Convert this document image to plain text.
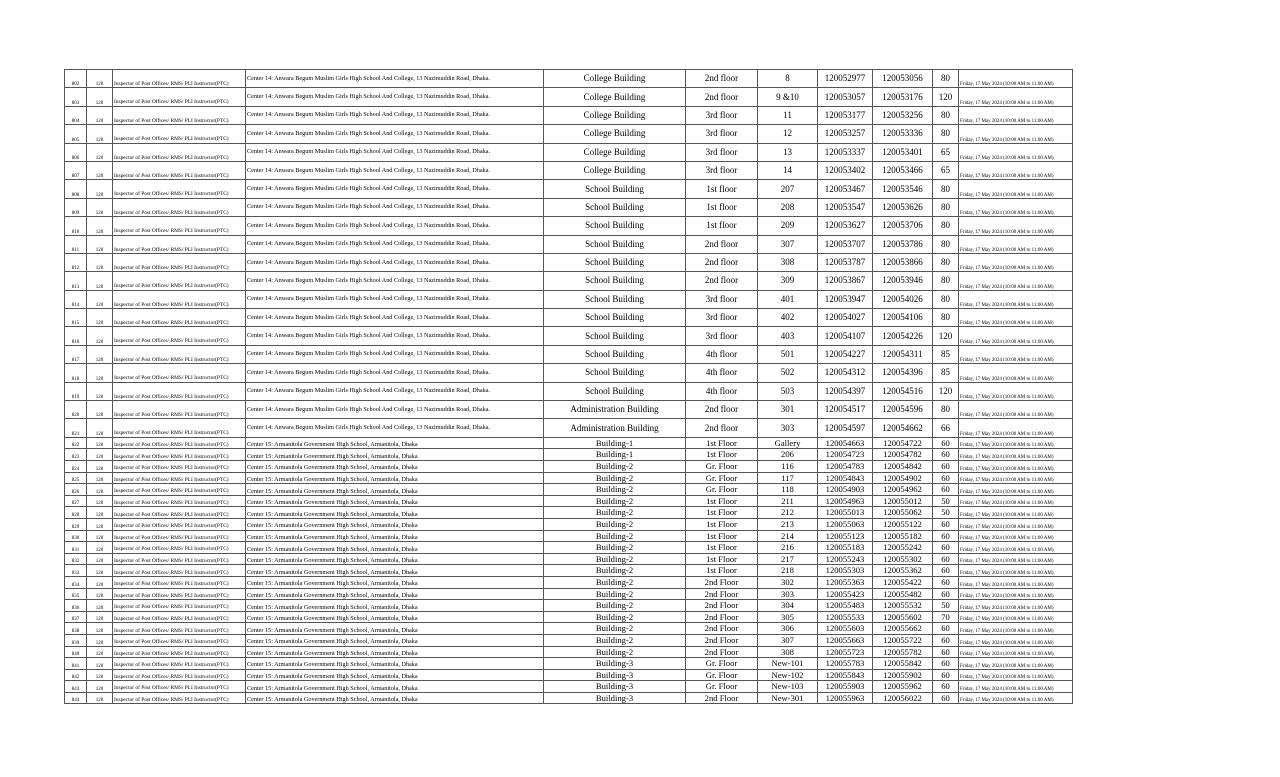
802	120	Inspector of Post Offices/ RMS/ PLI Instructor(PTC)	Center 14: Anwara Begum Muslim Girls High School And College, 13 Nazimuddin Road, Dhaka.	College Building	2nd floor	8	120052977	120053056	80	Friday, 17 May 2024 (10:00 AM to 11:00 AM)
803	120	Inspector of Post Offices/ RMS/ PLI Instructor(PTC)	Center 14: Anwara Begum Muslim Girls High School And College, 13 Nazimuddin Road, Dhaka.	College Building	2nd floor	9 &10	120053057	120053176	120	Friday, 17 May 2024 (10:00 AM to 11:00 AM)
804	120	Inspector of Post Offices/ RMS/ PLI Instructor(PTC)	Center 14: Anwara Begum Muslim Girls High School And College, 13 Nazimuddin Road, Dhaka.	College Building	3rd floor	11	120053177	120053256	80	Friday, 17 May 2024 (10:00 AM to 11:00 AM)
805	120	Inspector of Post Offices/ RMS/ PLI Instructor(PTC)	Center 14: Anwara Begum Muslim Girls High School And College, 13 Nazimuddin Road, Dhaka.	College Building	3rd floor	12	120053257	120053336	80	Friday, 17 May 2024 (10:00 AM to 11:00 AM)
806	120	Inspector of Post Offices/ RMS/ PLI Instructor(PTC)	Center 14: Anwara Begum Muslim Girls High School And College, 13 Nazimuddin Road, Dhaka.	College Building	3rd floor	13	120053337	120053401	65	Friday, 17 May 2024 (10:00 AM to 11:00 AM)
807	120	Inspector of Post Offices/ RMS/ PLI Instructor(PTC)	Center 14: Anwara Begum Muslim Girls High School And College, 13 Nazimuddin Road, Dhaka.	College Building	3rd floor	14	120053402	120053466	65	Friday, 17 May 2024 (10:00 AM to 11:00 AM)
808	120	Inspector of Post Offices/ RMS/ PLI Instructor(PTC)	Center 14: Anwara Begum Muslim Girls High School And College, 13 Nazimuddin Road, Dhaka.	School Building	1st floor	207	120053467	120053546	80	Friday, 17 May 2024 (10:00 AM to 11:00 AM)
809	120	Inspector of Post Offices/ RMS/ PLI Instructor(PTC)	Center 14: Anwara Begum Muslim Girls High School And College, 13 Nazimuddin Road, Dhaka.	School Building	1st floor	208	120053547	120053626	80	Friday, 17 May 2024 (10:00 AM to 11:00 AM)
810	120	Inspector of Post Offices/ RMS/ PLI Instructor(PTC)	Center 14: Anwara Begum Muslim Girls High School And College, 13 Nazimuddin Road, Dhaka.	School Building	1st floor	209	120053627	120053706	80	Friday, 17 May 2024 (10:00 AM to 11:00 AM)
811	120	Inspector of Post Offices/ RMS/ PLI Instructor(PTC)	Center 14: Anwara Begum Muslim Girls High School And College, 13 Nazimuddin Road, Dhaka.	School Building	2nd floor	307	120053707	120053786	80	Friday, 17 May 2024 (10:00 AM to 11:00 AM)
812	120	Inspector of Post Offices/ RMS/ PLI Instructor(PTC)	Center 14: Anwara Begum Muslim Girls High School And College, 13 Nazimuddin Road, Dhaka.	School Building	2nd floor	308	120053787	120053866	80	Friday, 17 May 2024 (10:00 AM to 11:00 AM)
813	120	Inspector of Post Offices/ RMS/ PLI Instructor(PTC)	Center 14: Anwara Begum Muslim Girls High School And College, 13 Nazimuddin Road, Dhaka.	School Building	2nd floor	309	120053867	120053946	80	Friday, 17 May 2024 (10:00 AM to 11:00 AM)
814	120	Inspector of Post Offices/ RMS/ PLI Instructor(PTC)	Center 14: Anwara Begum Muslim Girls High School And College, 13 Nazimuddin Road, Dhaka.	School Building	3rd floor	401	120053947	120054026	80	Friday, 17 May 2024 (10:00 AM to 11:00 AM)
815	120	Inspector of Post Offices/ RMS/ PLI Instructor(PTC)	Center 14: Anwara Begum Muslim Girls High School And College, 13 Nazimuddin Road, Dhaka.	School Building	3rd floor	402	120054027	120054106	80	Friday, 17 May 2024 (10:00 AM to 11:00 AM)
816	120	Inspector of Post Offices/ RMS/ PLI Instructor(PTC)	Center 14: Anwara Begum Muslim Girls High School And College, 13 Nazimuddin Road, Dhaka.	School Building	3rd floor	403	120054107	120054226	120	Friday, 17 May 2024 (10:00 AM to 11:00 AM)
817	120	Inspector of Post Offices/ RMS/ PLI Instructor(PTC)	Center 14: Anwara Begum Muslim Girls High School And College, 13 Nazimuddin Road, Dhaka.	School Building	4th floor	501	120054227	120054311	85	Friday, 17 May 2024 (10:00 AM to 11:00 AM)
818	120	Inspector of Post Offices/ RMS/ PLI Instructor(PTC)	Center 14: Anwara Begum Muslim Girls High School And College, 13 Nazimuddin Road, Dhaka.	School Building	4th floor	502	120054312	120054396	85	Friday, 17 May 2024 (10:00 AM to 11:00 AM)
819	120	Inspector of Post Offices/ RMS/ PLI Instructor(PTC)	Center 14: Anwara Begum Muslim Girls High School And College, 13 Nazimuddin Road, Dhaka.	School Building	4th floor	503	120054397	120054516	120	Friday, 17 May 2024 (10:00 AM to 11:00 AM)
820	120	Inspector of Post Offices/ RMS/ PLI Instructor(PTC)	Center 14: Anwara Begum Muslim Girls High School And College, 13 Nazimuddin Road, Dhaka.	Administration Building	2nd floor	301	120054517	120054596	80	Friday, 17 May 2024 (10:00 AM to 11:00 AM)
821	120	Inspector of Post Offices/ RMS/ PLI Instructor(PTC)	Center 14: Anwara Begum Muslim Girls High School And College, 13 Nazimuddin Road, Dhaka.	Administration Building	2nd floor	303	120054597	120054662	66	Friday, 17 May 2024 (10:00 AM to 11:00 AM)
822	120	Inspector of Post Offices/ RMS/ PLI Instructor(PTC)	Center 15: Armanitola Government High School, Armanitola, Dhaka	Building-1	1st Floor	Gallery	120054663	120054722	60	Friday, 17 May 2024 (10:00 AM to 11:00 AM)
823	120	Inspector of Post Offices/ RMS/ PLI Instructor(PTC)	Center 15: Armanitola Government High School, Armanitola, Dhaka	Building-1	1st Floor	206	120054723	120054782	60	Friday, 17 May 2024 (10:00 AM to 11:00 AM)
824	120	Inspector of Post Offices/ RMS/ PLI Instructor(PTC)	Center 15: Armanitola Government High School, Armanitola, Dhaka	Building-2	Gr. Floor	116	120054783	120054842	60	Friday, 17 May 2024 (10:00 AM to 11:00 AM)
825	120	Inspector of Post Offices/ RMS/ PLI Instructor(PTC)	Center 15: Armanitola Government High School, Armanitola, Dhaka	Building-2	Gr. Floor	117	120054843	120054902	60	Friday, 17 May 2024 (10:00 AM to 11:00 AM)
826	120	Inspector of Post Offices/ RMS/ PLI Instructor(PTC)	Center 15: Armanitola Government High School, Armanitola, Dhaka	Building-2	Gr. Floor	118	120054903	120054962	60	Friday, 17 May 2024 (10:00 AM to 11:00 AM)
827	120	Inspector of Post Offices/ RMS/ PLI Instructor(PTC)	Center 15: Armanitola Government High School, Armanitola, Dhaka	Building-2	1st Floor	211	120054963	120055012	50	Friday, 17 May 2024 (10:00 AM to 11:00 AM)
828	120	Inspector of Post Offices/ RMS/ PLI Instructor(PTC)	Center 15: Armanitola Government High School, Armanitola, Dhaka	Building-2	1st Floor	212	120055013	120055062	50	Friday, 17 May 2024 (10:00 AM to 11:00 AM)
829	120	Inspector of Post Offices/ RMS/ PLI Instructor(PTC)	Center 15: Armanitola Government High School, Armanitola, Dhaka	Building-2	1st Floor	213	120055063	120055122	60	Friday, 17 May 2024 (10:00 AM to 11:00 AM)
830	120	Inspector of Post Offices/ RMS/ PLI Instructor(PTC)	Center 15: Armanitola Government High School, Armanitola, Dhaka	Building-2	1st Floor	214	120055123	120055182	60	Friday, 17 May 2024 (10:00 AM to 11:00 AM)
831	120	Inspector of Post Offices/ RMS/ PLI Instructor(PTC)	Center 15: Armanitola Government High School, Armanitola, Dhaka	Building-2	1st Floor	216	120055183	120055242	60	Friday, 17 May 2024 (10:00 AM to 11:00 AM)
832	120	Inspector of Post Offices/ RMS/ PLI Instructor(PTC)	Center 15: Armanitola Government High School, Armanitola, Dhaka	Building-2	1st Floor	217	120055243	120055302	60	Friday, 17 May 2024 (10:00 AM to 11:00 AM)
833	120	Inspector of Post Offices/ RMS/ PLI Instructor(PTC)	Center 15: Armanitola Government High School, Armanitola, Dhaka	Building-2	1st Floor	218	120055303	120055362	60	Friday, 17 May 2024 (10:00 AM to 11:00 AM)
834	120	Inspector of Post Offices/ RMS/ PLI Instructor(PTC)	Center 15: Armanitola Government High School, Armanitola, Dhaka	Building-2	2nd Floor	302	120055363	120055422	60	Friday, 17 May 2024 (10:00 AM to 11:00 AM)
835	120	Inspector of Post Offices/ RMS/ PLI Instructor(PTC)	Center 15: Armanitola Government High School, Armanitola, Dhaka	Building-2	2nd Floor	303	120055423	120055482	60	Friday, 17 May 2024 (10:00 AM to 11:00 AM)
836	120	Inspector of Post Offices/ RMS/ PLI Instructor(PTC)	Center 15: Armanitola Government High School, Armanitola, Dhaka	Building-2	2nd Floor	304	120055483	120055532	50	Friday, 17 May 2024 (10:00 AM to 11:00 AM)
837	120	Inspector of Post Offices/ RMS/ PLI Instructor(PTC)	Center 15: Armanitola Government High School, Armanitola, Dhaka	Building-2	2nd Floor	305	120055533	120055602	70	Friday, 17 May 2024 (10:00 AM to 11:00 AM)
838	120	Inspector of Post Offices/ RMS/ PLI Instructor(PTC)	Center 15: Armanitola Government High School, Armanitola, Dhaka	Building-2	2nd Floor	306	120055603	120055662	60	Friday, 17 May 2024 (10:00 AM to 11:00 AM)
839	120	Inspector of Post Offices/ RMS/ PLI Instructor(PTC)	Center 15: Armanitola Government High School, Armanitola, Dhaka	Building-2	2nd Floor	307	120055663	120055722	60	Friday, 17 May 2024 (10:00 AM to 11:00 AM)
840	120	Inspector of Post Offices/ RMS/ PLI Instructor(PTC)	Center 15: Armanitola Government High School, Armanitola, Dhaka	Building-2	2nd Floor	308	120055723	120055782	60	Friday, 17 May 2024 (10:00 AM to 11:00 AM)
841	120	Inspector of Post Offices/ RMS/ PLI Instructor(PTC)	Center 15: Armanitola Government High School, Armanitola, Dhaka	Building-3	Gr. Floor	New-101	120055783	120055842	60	Friday, 17 May 2024 (10:00 AM to 11:00 AM)
842	120	Inspector of Post Offices/ RMS/ PLI Instructor(PTC)	Center 15: Armanitola Government High School, Armanitola, Dhaka	Building-3	Gr. Floor	New-102	120055843	120055902	60	Friday, 17 May 2024 (10:00 AM to 11:00 AM)
843	120	Inspector of Post Offices/ RMS/ PLI Instructor(PTC)	Center 15: Armanitola Government High School, Armanitola, Dhaka	Building-3	Gr. Floor	New-103	120055903	120055962	60	Friday, 17 May 2024 (10:00 AM to 11:00 AM)
844	120	Inspector of Post Offices/ RMS/ PLI Instructor(PTC)	Center 15: Armanitola Government High School, Armanitola, Dhaka	Building-3	2nd Floor	New-301	120055963	120056022	60	Friday, 17 May 2024 (10:00 AM to 11:00 AM)
